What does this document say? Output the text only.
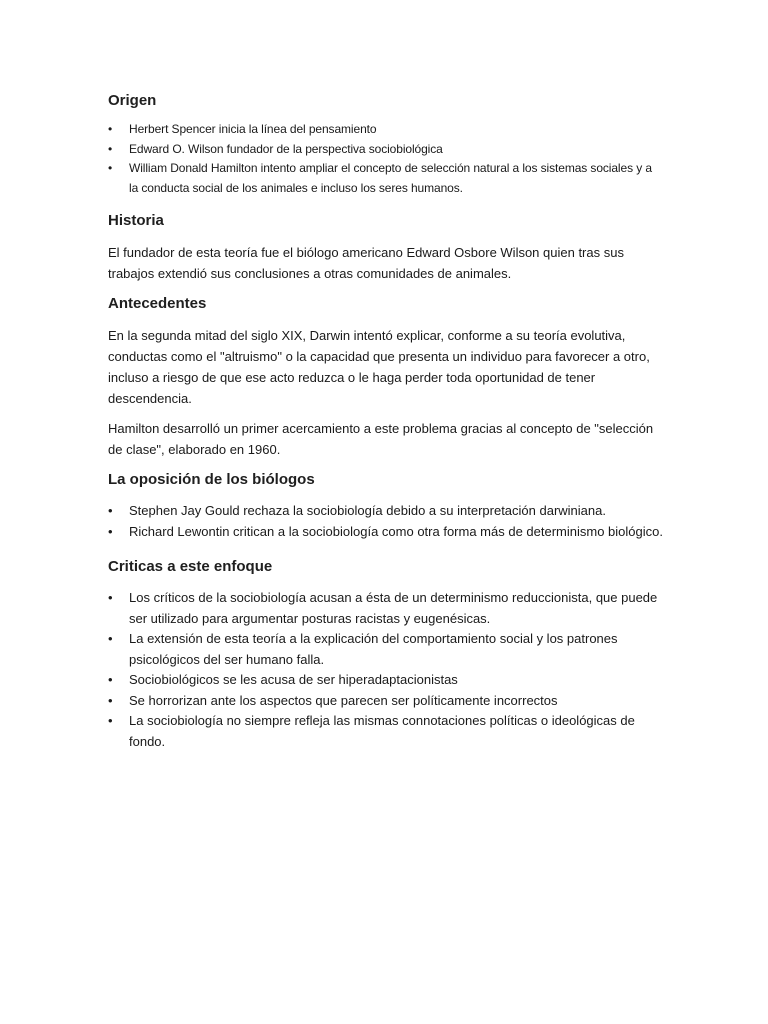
Origen
• Herbert Spencer inicia la línea del pensamiento
• Edward O. Wilson fundador de la perspectiva sociobiológica
• William Donald Hamilton intento ampliar el concepto de selección natural a los sistemas sociales y a la conducta social de los animales e incluso los seres humanos.
Historia

El fundador de esta teoría fue el biólogo americano Edward Osbore Wilson quien tras sus trabajos extendió sus conclusiones a otras comunidades de animales.

Antecedentes

En la segunda mitad del siglo XIX, Darwin intentó explicar, conforme a su teoría evolutiva, conductas como el "altruismo" o la capacidad que presenta un individuo para favorecer a otro, incluso a riesgo de que ese acto reduzca o le haga perder toda oportunidad de tener descendencia.

Hamilton desarrolló un primer acercamiento a este problema gracias al concepto de "selección de clase", elaborado en 1960.

La oposición de los biólogos
• Stephen Jay Gould rechaza la sociobiología debido a su interpretación darwiniana.
• Richard Lewontin critican a la sociobiología como otra forma más de determinismo biológico.
Criticas a este enfoque
• Los críticos de la sociobiología acusan a ésta de un determinismo reduccionista, que puede ser utilizado para argumentar posturas racistas y eugenésicas.
• La extensión de esta teoría a la explicación del comportamiento social y los patrones psicológicos del ser humano falla.
• Sociobiológicos se les acusa de ser hiperadaptacionistas
• Se horrorizan ante los aspectos que parecen ser políticamente incorrectos
• La sociobiología no siempre refleja las mismas connotaciones políticas o ideológicas de fondo.
